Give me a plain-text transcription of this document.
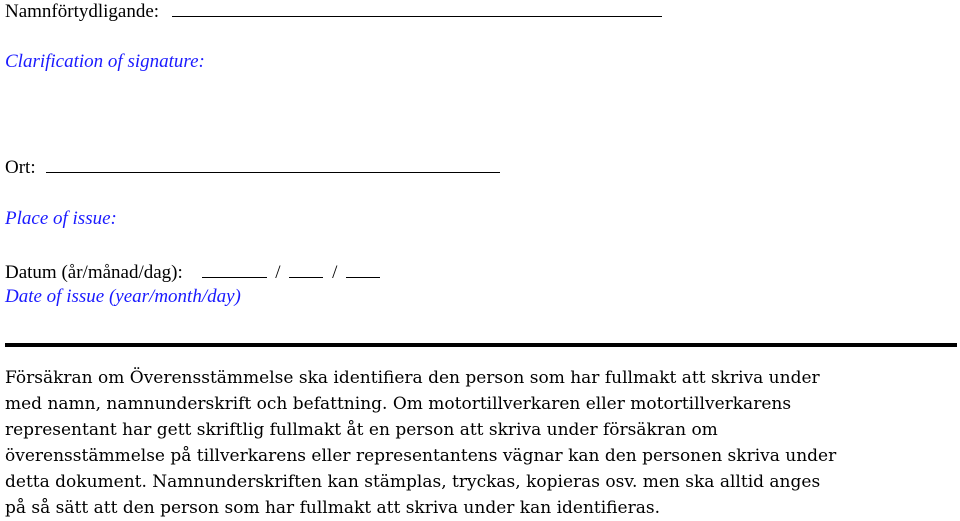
Namnförtydligande:
Clarification of signature:
Ort:
Place of issue:
Datum (år/månad/dag):	/	/
Date of issue (year/month/day)
Försäkran om Överensstämmelse ska identifiera den person som har fullmakt att skriva under
med namn, namnunderskrift och befattning. Om motortillverkaren eller motortillverkarens
representant har gett skriftlig fullmakt åt en person att skriva under försäkran om
överensstämmelse på tillverkarens eller representantens vägnar kan den personen skriva under
detta dokument. Namnunderskriften kan stämplas, tryckas, kopieras osv. men ska alltid anges
på så sätt att den person som har fullmakt att skriva under kan identifieras.
